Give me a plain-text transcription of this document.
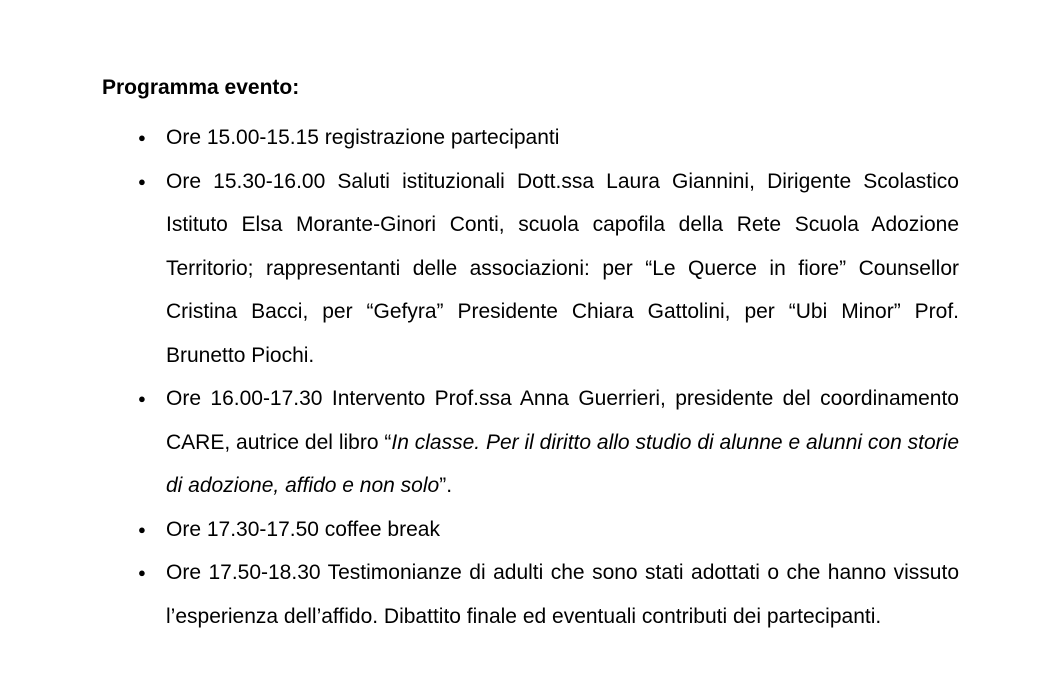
Programma evento:

● Ore 15.00-15.15 registrazione partecipanti
● Ore 15.30-16.00 Saluti istituzionali Dott.ssa Laura Giannini, Dirigente Scolastico Istituto Elsa Morante-Ginori Conti, scuola capofila della Rete Scuola Adozione Territorio; rappresentanti delle associazioni: per “Le Querce in fiore” Counsellor Cristina Bacci, per “Gefyra” Presidente Chiara Gattolini, per “Ubi Minor” Prof. Brunetto Piochi.
● Ore 16.00-17.30 Intervento Prof.ssa Anna Guerrieri, presidente del coordinamento CARE, autrice del libro “In classe. Per il diritto allo studio di alunne e alunni con storie di adozione, affido e non solo”.
● Ore 17.30-17.50 coffee break
● Ore 17.50-18.30 Testimonianze di adulti che sono stati adottati o che hanno vissuto l’esperienza dell’affido. Dibattito finale ed eventuali contributi dei partecipanti.
